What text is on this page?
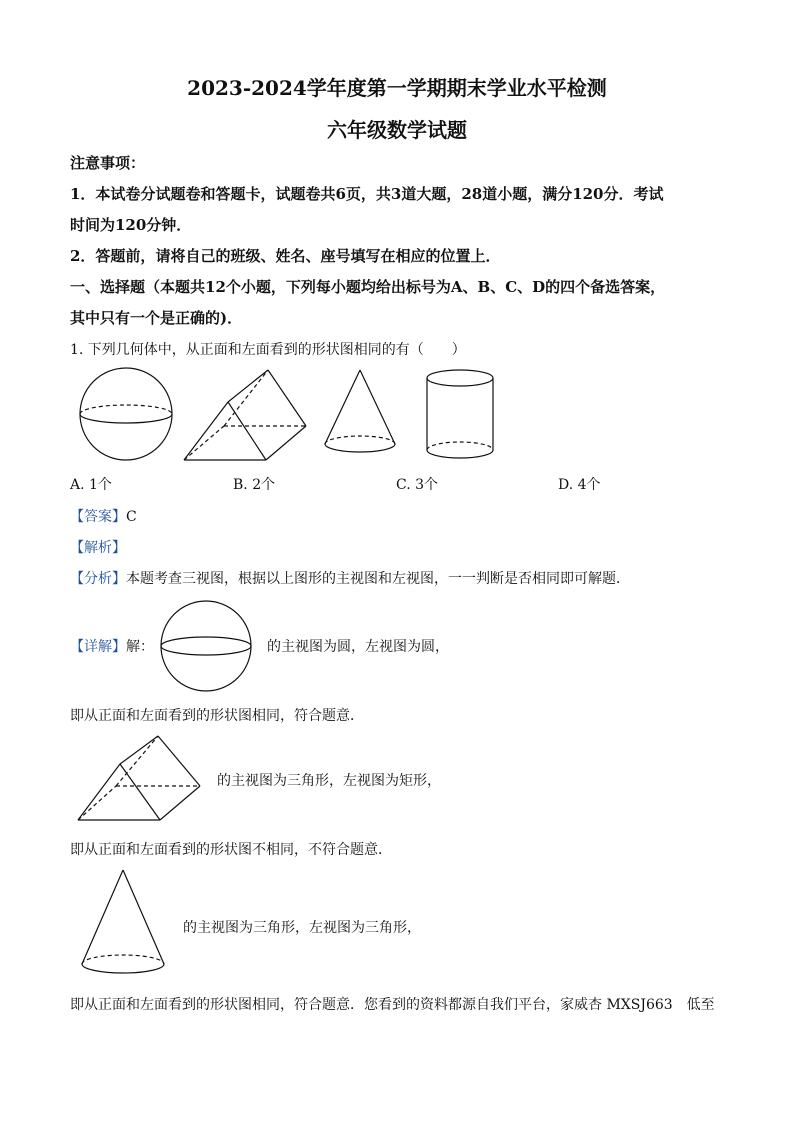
2023-2024学年度第一学期期末学业水平检测
六年级数学试题
注意事项：
1．本试卷分试题卷和答题卡，试题卷共6页，共3道大题，28道小题，满分120分．考试
时间为120分钟．
2．答题前，请将自己的班级、姓名、座号填写在相应的位置上．
一、选择题（本题共12个小题，下列每小题均给出标号为A、B、C、D的四个备选答案，
其中只有一个是正确的)．
1. 下列几何体中，从正面和左面看到的形状图相同的有（　　）
A. 1个	B. 2个	C. 3个	D. 4个
【答案】C
【解析】
【分析】本题考查三视图，根据以上图形的主视图和左视图，一一判断是否相同即可解题．
【详解】解：	的主视图为圆，左视图为圆，
即从正面和左面看到的形状图相同，符合题意．
的主视图为三角形，左视图为矩形，
即从正面和左面看到的形状图不相同，不符合题意．
的主视图为三角形，左视图为三角形，
即从正面和左面看到的形状图相同，符合题意．您看到的资料都源自我们平台，家威杏 MXSJ663　低至
